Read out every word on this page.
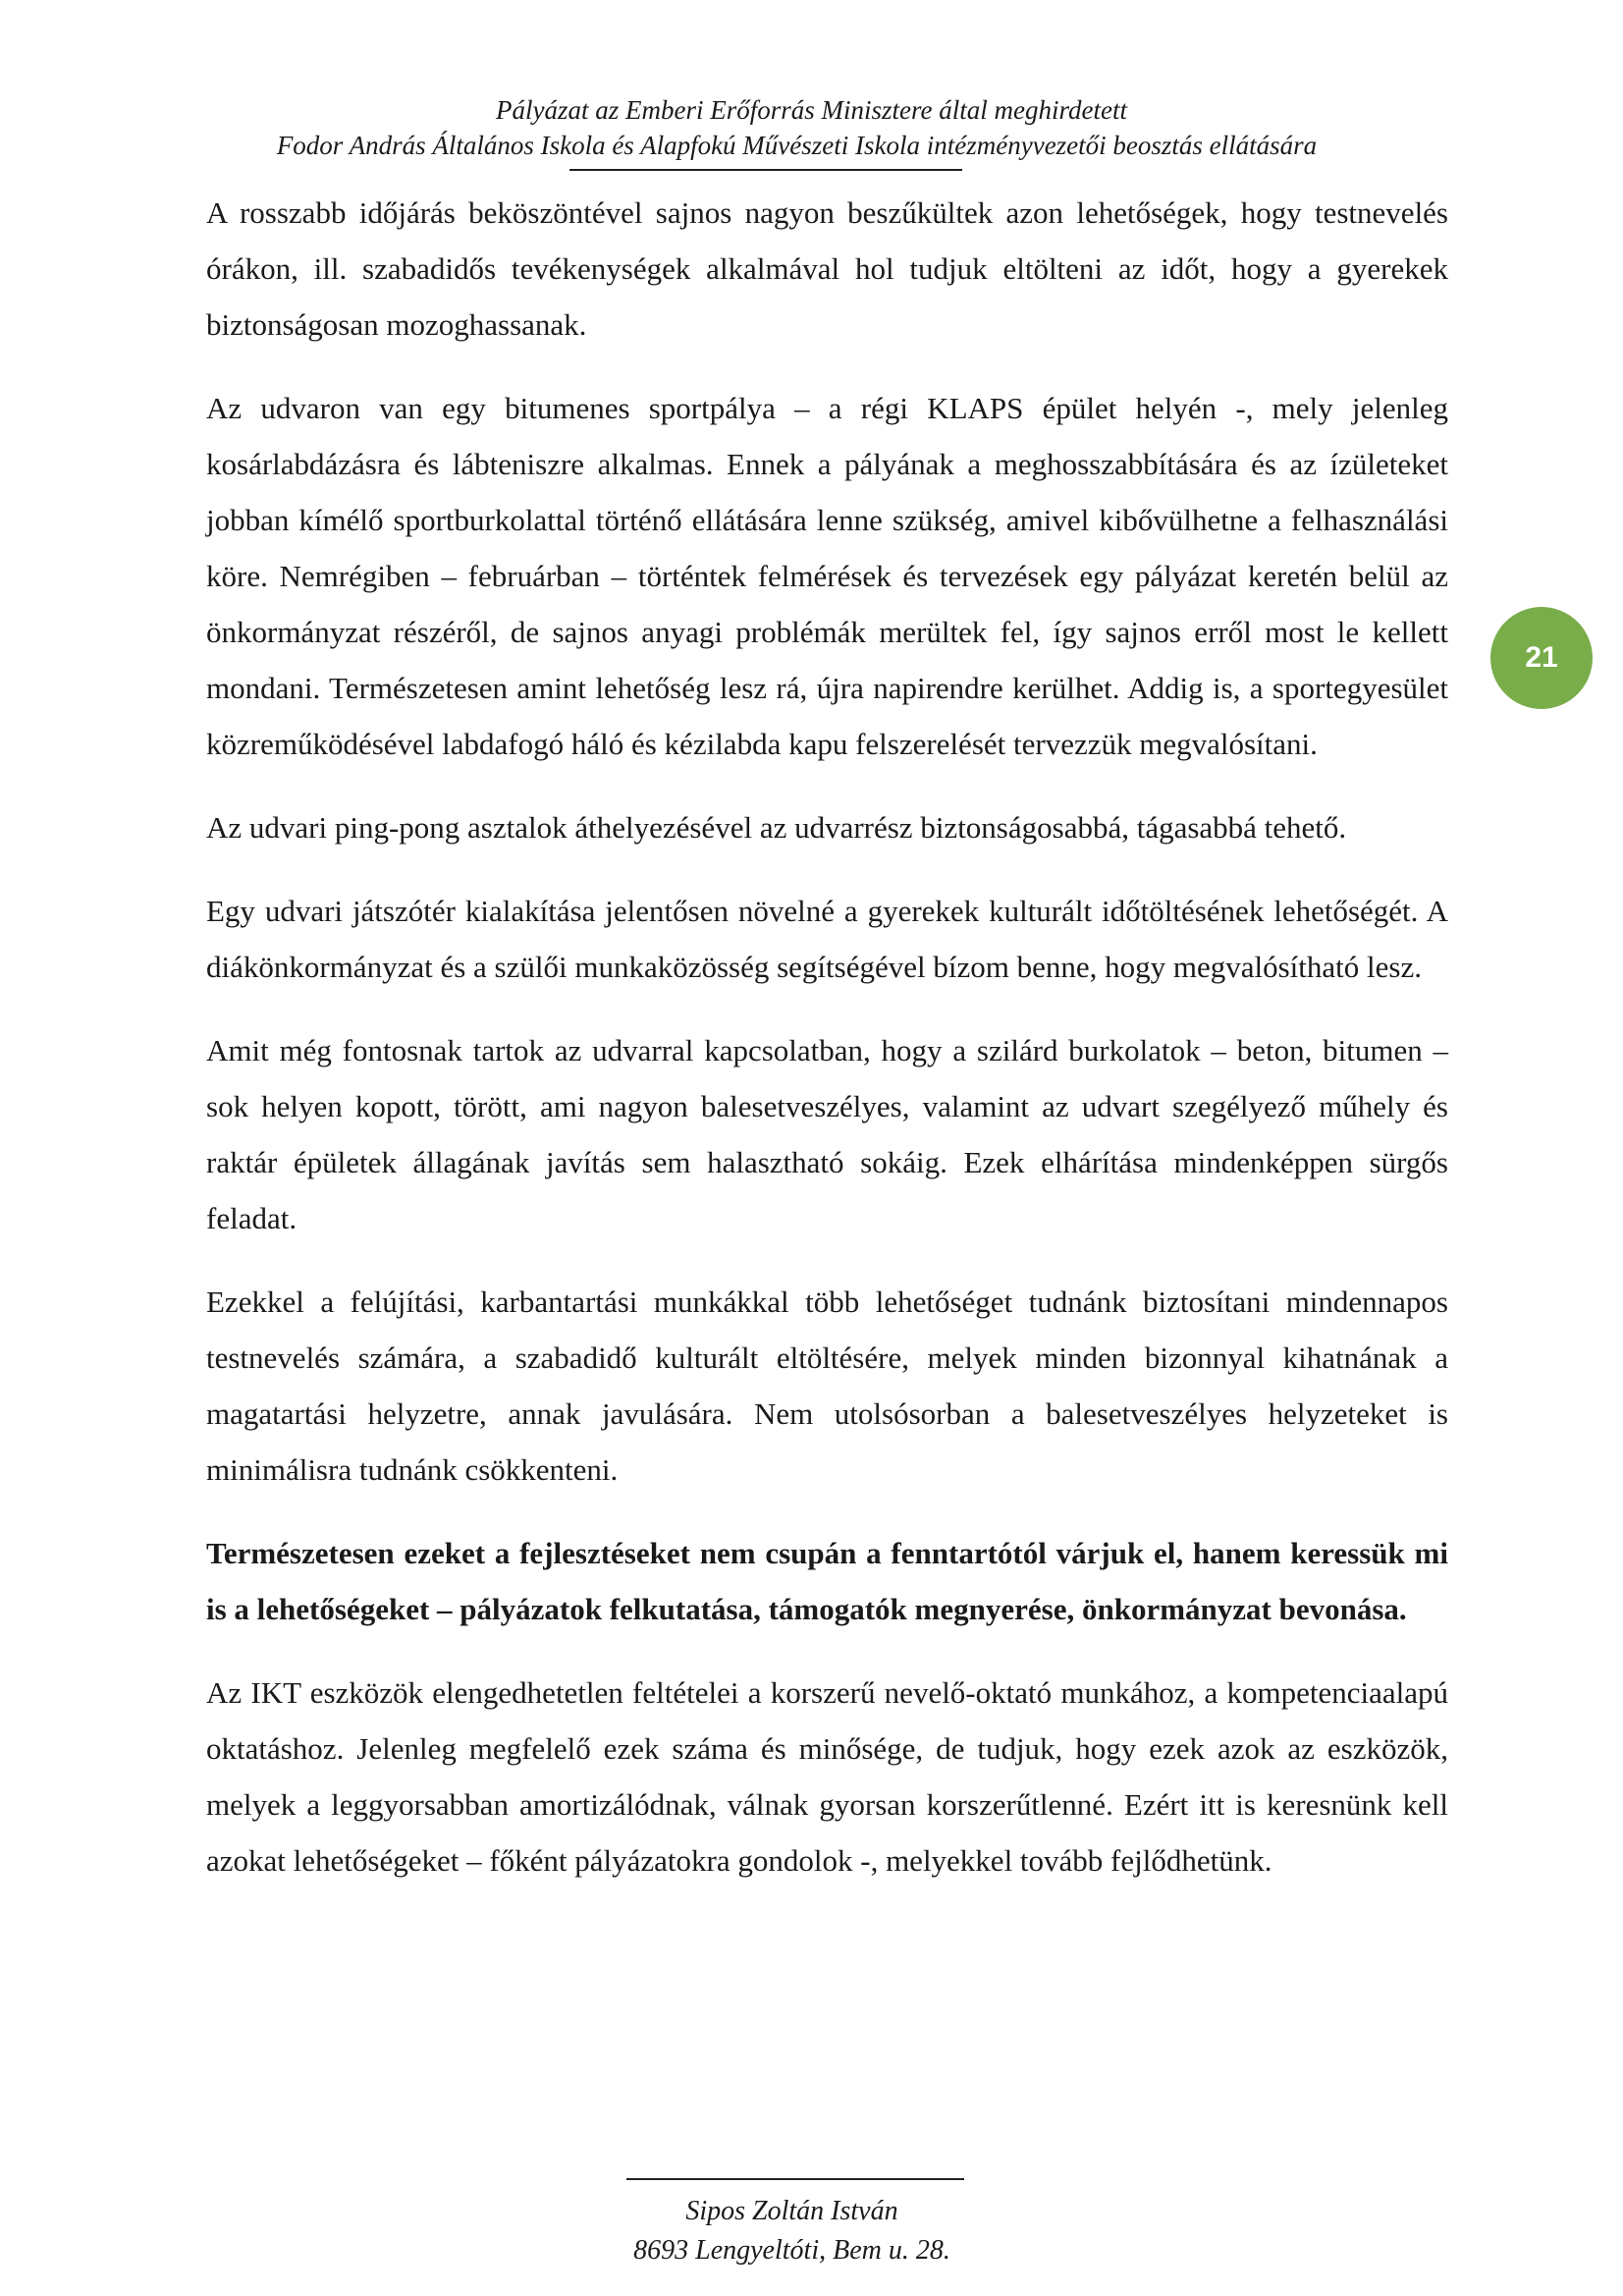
Pályázat az Emberi Erőforrás Minisztere által meghirdetett
Fodor András Általános Iskola és Alapfokú Művészeti Iskola intézményvezetői beosztás ellátására

A rosszabb időjárás beköszöntével sajnos nagyon beszűkültek azon lehetőségek, hogy testnevelés órákon, ill. szabadidős tevékenységek alkalmával hol tudjuk eltölteni az időt, hogy a gyerekek biztonságosan mozoghassanak.

Az udvaron van egy bitumenes sportpálya – a régi KLAPS épület helyén -, mely jelenleg kosárlabdázásra és lábteniszre alkalmas. Ennek a pályának a meghosszabbítására és az ízületeket jobban kímélő sportburkolattal történő ellátására lenne szükség, amivel kibővülhetne a felhasználási köre. Nemrégiben – februárban – történtek felmérések és tervezések egy pályázat keretén belül az önkormányzat részéről, de sajnos anyagi problémák merültek fel, így sajnos erről most le kellett mondani. Természetesen amint lehetőség lesz rá, újra napirendre kerülhet. Addig is, a sportegyesület közreműködésével labdafogó háló és kézilabda kapu felszerelését tervezzük megvalósítani.

Az udvari ping-pong asztalok áthelyezésével az udvarrész biztonságosabbá, tágasabbá tehető.

Egy udvari játszótér kialakítása jelentősen növelné a gyerekek kulturált időtöltésének lehetőségét. A diákönkormányzat és a szülői munkaközösség segítségével bízom benne, hogy megvalósítható lesz.

Amit még fontosnak tartok az udvarral kapcsolatban, hogy a szilárd burkolatok – beton, bitumen – sok helyen kopott, törött, ami nagyon balesetveszélyes, valamint az udvart szegélyező műhely és raktár épületek állagának javítás sem halasztható sokáig. Ezek elhárítása mindenképpen sürgős feladat.

Ezekkel a felújítási, karbantartási munkákkal több lehetőséget tudnánk biztosítani mindennapos testnevelés számára, a szabadidő kulturált eltöltésére, melyek minden bizonnyal kihatnának a magatartási helyzetre, annak javulására. Nem utolsósorban a balesetveszélyes helyzeteket is minimálisra tudnánk csökkenteni.

Természetesen ezeket a fejlesztéseket nem csupán a fenntartótól várjuk el, hanem keressük mi is a lehetőségeket – pályázatok felkutatása, támogatók megnyerése, önkormányzat bevonása.

Az IKT eszközök elengedhetetlen feltételei a korszerű nevelő-oktató munkához, a kompetenciaalapú oktatáshoz. Jelenleg megfelelő ezek száma és minősége, de tudjuk, hogy ezek azok az eszközök, melyek a leggyorsabban amortizálódnak, válnak gyorsan korszerűtlenné. Ezért itt is keresnünk kell azokat lehetőségeket – főként pályázatokra gondolok -, melyekkel tovább fejlődhetünk.

21
Sipos Zoltán István
8693 Lengyeltóti, Bem u. 28.
